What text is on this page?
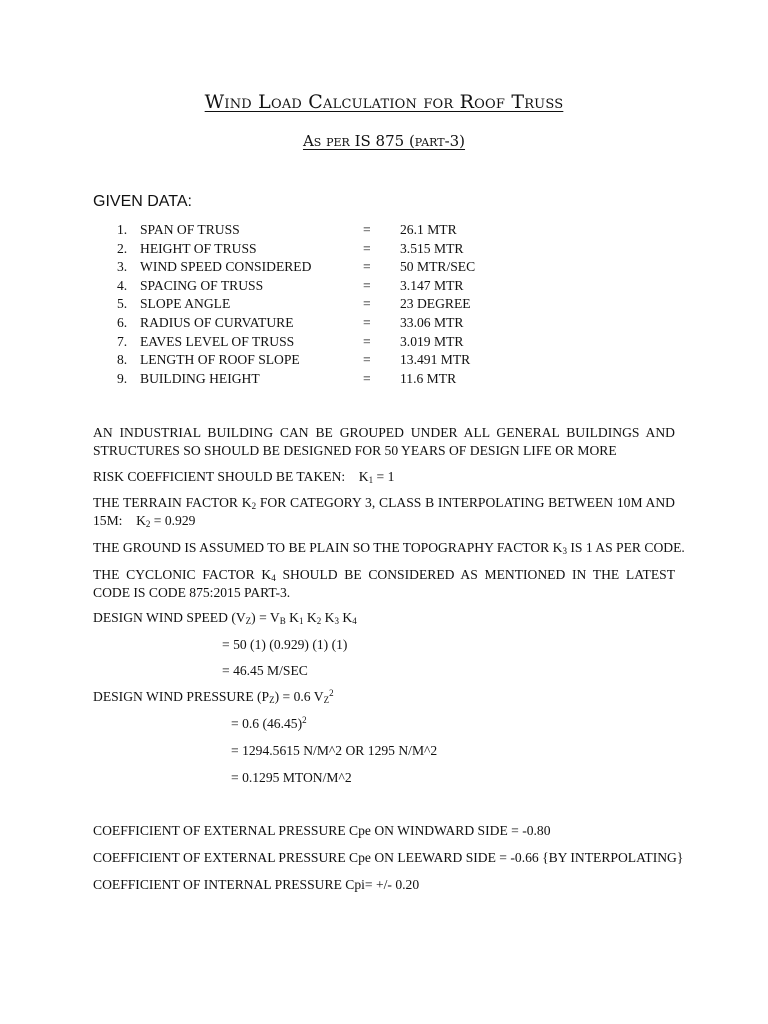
Wind Load Calculation for Roof Truss
As per IS 875 (part-3)
GIVEN DATA:
1. SPAN OF TRUSS	= 26.1 MTR
2. HEIGHT OF TRUSS	= 3.515 MTR
3. WIND SPEED CONSIDERED	= 50 MTR/SEC
4. SPACING OF TRUSS	= 3.147 MTR
5. SLOPE ANGLE	= 23 DEGREE
6. RADIUS OF CURVATURE	= 33.06 MTR
7. EAVES LEVEL OF TRUSS	= 3.019 MTR
8. LENGTH OF ROOF SLOPE	= 13.491 MTR
9. BUILDING HEIGHT	= 11.6 MTR
AN INDUSTRIAL BUILDING CAN BE GROUPED UNDER ALL GENERAL BUILDINGS AND STRUCTURES SO SHOULD BE DESIGNED FOR 50 YEARS OF DESIGN LIFE OR MORE
RISK COEFFICIENT SHOULD BE TAKEN: $K_1 = 1$
THE TERRAIN FACTOR $K_2$ FOR CATEGORY 3, CLASS B INTERPOLATING BETWEEN 10M AND 15M: $K_2 = 0.929$
THE GROUND IS ASSUMED TO BE PLAIN SO THE TOPOGRAPHY FACTOR $K_3$ IS 1 AS PER CODE.
THE CYCLONIC FACTOR $K_4$ SHOULD BE CONSIDERED AS MENTIONED IN THE LATEST CODE IS CODE 875:2015 PART-3.
DESIGN WIND SPEED $(V_Z) = V_B$ $K_1$ $K_2$ $K_3$ $K_4$
= 50 (1) (0.929) (1) (1)
= 46.45 M/SEC
DESIGN WIND PRESSURE $(P_Z) = 0.6$ $V_Z^2$
= 0.6 $(46.45)^2$
= 1294.5615 N/M^2 OR 1295 N/M^2
= 0.1295 MTON/M^2
COEFFICIENT OF EXTERNAL PRESSURE Cpe ON WINDWARD SIDE = -0.80
COEFFICIENT OF EXTERNAL PRESSURE Cpe ON LEEWARD SIDE = -0.66 {BY INTERPOLATING}
COEFFICIENT OF INTERNAL PRESSURE Cpi= +/- 0.20
